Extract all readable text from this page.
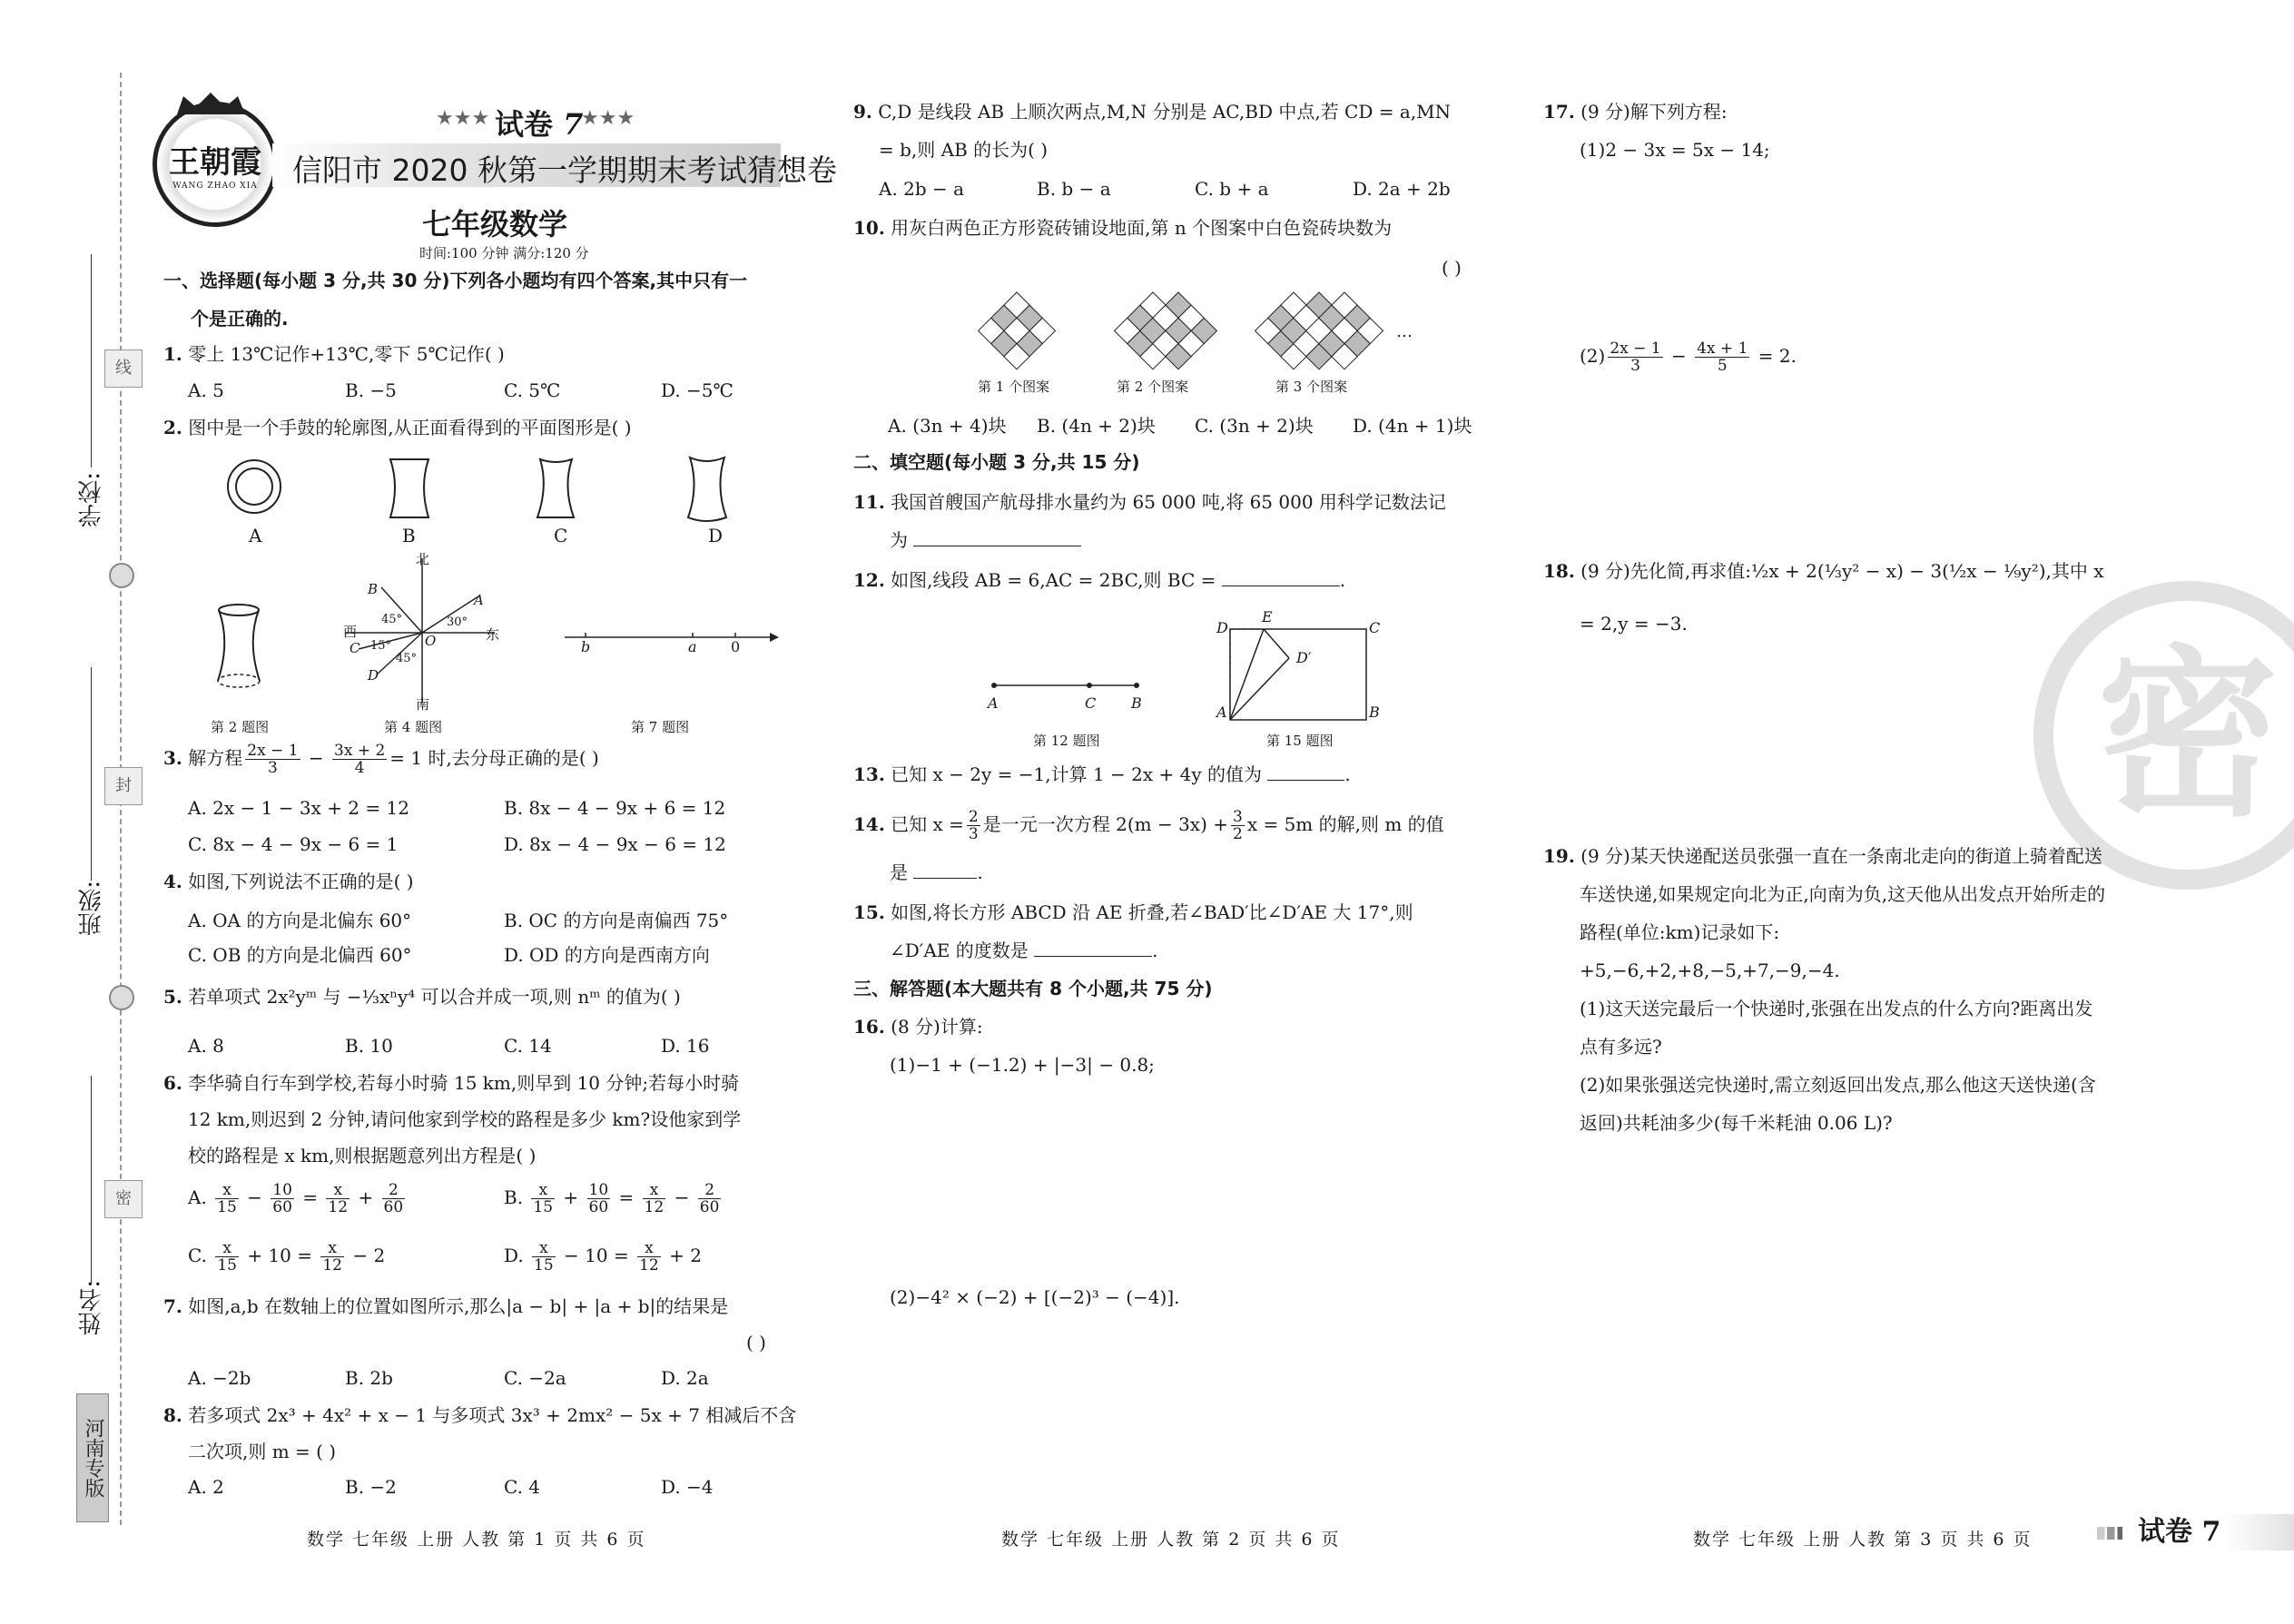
学校:
班级:
姓名:
线
封
密
河南专版
王朝霞
WANG ZHAO XIA
★★★ 试卷 7
★★★
信阳市 2020 秋第一学期期末考试猜想卷
七年级数学
时间:100 分钟 满分:120 分
一、选择题(每小题 3 分,共 30 分)下列各小题均有四个答案,其中只有一
个是正确的.
1. 零上 13℃记作+13℃,零下 5℃记作( )
A. 5	B. −5	C. 5℃	D. −5℃
2. 图中是一个手鼓的轮廓图,从正面看得到的平面图形是( )
A	B	C	D
北
南
西	东
A
B
C
D
O
45°	30°
15°
45°
b	a 0
第 2 题图	第 4 题图	第 7 题图
3. 解方程 $\frac{2x - 1}{3} - \frac{3x + 2}{4} = 1$ 时,去分母正确的是( )
A. 2x − 1 − 3x + 2 = 12	B. 8x − 4 − 9x + 6 = 12
C. 8x − 4 − 9x − 6 = 1	D. 8x − 4 − 9x − 6 = 12
4. 如图,下列说法不正确的是( )
A. OA 的方向是北偏东 60°	B. OC 的方向是南偏西 75°
C. OB 的方向是北偏西 60°	D. OD 的方向是西南方向
5. 若单项式 2x²yᵐ 与 −⅓xⁿy⁴ 可以合并成一项,则 nᵐ 的值为( )
A. 8	B. 10	C. 14	D. 16
6. 李华骑自行车到学校,若每小时骑 15 km,则早到 10 分钟;若每小时骑
12 km,则迟到 2 分钟,请问他家到学校的路程是多少 km?设他家到学
校的路程是 x km,则根据题意列出方程是( )
A. $\frac{x}{15} - \frac{10}{60} = \frac{x}{12} + \frac{2}{60}$	B. $\frac{x}{15} + \frac{10}{60} = \frac{x}{12} - \frac{2}{60}$
C. $\frac{x}{15} + 10 = \frac{x}{12} - 2$	D. $\frac{x}{15} - 10 = \frac{x}{12} + 2$
7. 如图,a,b 在数轴上的位置如图所示,那么|a − b| + |a + b|的结果是
( )
A. −2b	B. 2b	C. −2a	D. 2a
8. 若多项式 2x³ + 4x² + x − 1 与多项式 3x³ + 2mx² − 5x + 7 相减后不含
二次项,则 m = ( )
A. 2	B. −2	C. 4	D. −4
9. C,D 是线段 AB 上顺次两点,M,N 分别是 AC,BD 中点,若 CD = a,MN
= b,则 AB 的长为( )
A. 2b − a	B. b − a	C. b + a	D. 2a + 2b
10. 用灰白两色正方形瓷砖铺设地面,第 n 个图案中白色瓷砖块数为
( )
…
第 1 个图案	第 2 个图案	第 3 个图案
A. (3n + 4)块 B. (4n + 2)块 C. (3n + 2)块 D. (4n + 1)块
二、填空题(每小题 3 分,共 15 分)
11. 我国首艘国产航母排水量约为 65 000 吨,将 65 000 用科学记数法记
为
12. 如图,线段 AB = 6,AC = 2BC,则 BC =	.
A	C B
第 12 题图
D
E
C
D′
A	B
第 15 题图
13. 已知 x − 2y = −1,计算 1 − 2x + 4y 的值为	.
14. 已知 $x = \frac{2}{3}$ 是一元一次方程 $2(m - 3x) + \frac{3}{2}$ x = 5m 的解,则 m 的值
是	.
15. 如图,将长方形 ABCD 沿 AE 折叠,若∠BAD′比∠D′AE 大 17°,则
∠D′AE 的度数是	.
三、解答题(本大题共有 8 个小题,共 75 分)
16. (8 分)计算:
(1)−1 + (−1.2) + |−3| − 0.8;
(2)−4² × (−2) + [(−2)³ − (−4)].
17. (9 分)解下列方程:
(1)2 − 3x = 5x − 14;
$(2) \frac{2x - 1}{3} - \frac{4x + 1}{5} = 2$.
18. (9 分)先化简,再求值:½x + 2(⅓y² − x) − 3(½x − ⅑y²),其中 x
= 2,y = −3.
密
19. (9 分)某天快递配送员张强一直在一条南北走向的街道上骑着配送
车送快递,如果规定向北为正,向南为负,这天他从出发点开始所走的
路程(单位:km)记录如下:
+5,−6,+2,+8,−5,+7,−9,−4.
(1)这天送完最后一个快递时,张强在出发点的什么方向?距离出发
点有多远?
(2)如果张强送完快递时,需立刻返回出发点,那么他这天送快递(含
返回)共耗油多少(每千米耗油 0.06 L)?
数学 七年级 上册 人教 第 1 页 共 6 页	数学 七年级 上册 人教 第 2 页 共 6 页	数学 七年级 上册 人教 第 3 页 共 6 页	试卷 7
